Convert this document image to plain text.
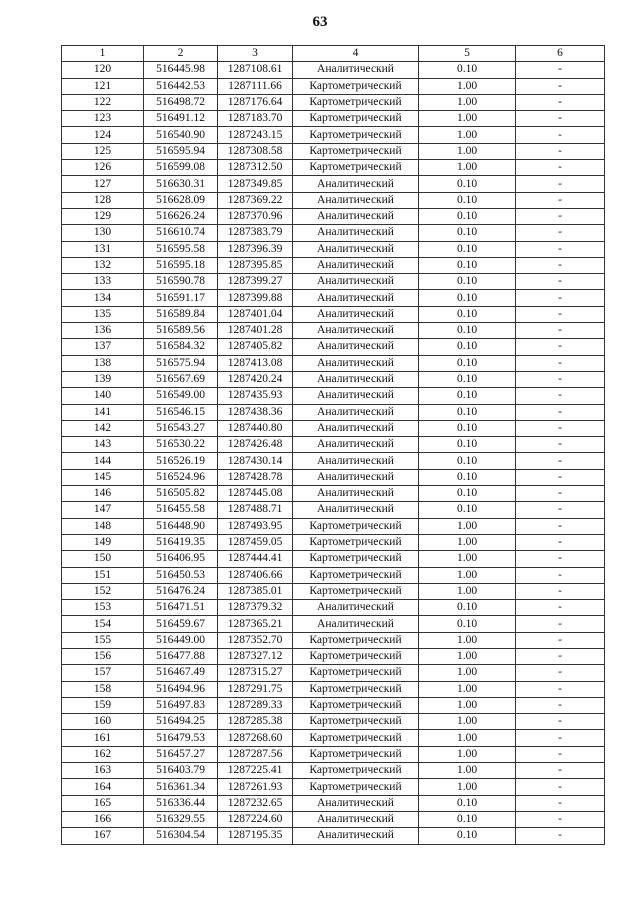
63
1	2	3	4	5	6
120	516445.98	1287108.61	Аналитический	0.10	-
121	516442.53	1287111.66	Картометрический	1.00	-
122	516498.72	1287176.64	Картометрический	1.00	-
123	516491.12	1287183.70	Картометрический	1.00	-
124	516540.90	1287243.15	Картометрический	1.00	-
125	516595.94	1287308.58	Картометрический	1.00	-
126	516599.08	1287312.50	Картометрический	1.00	-
127	516630.31	1287349.85	Аналитический	0.10	-
128	516628.09	1287369.22	Аналитический	0.10	-
129	516626.24	1287370.96	Аналитический	0.10	-
130	516610.74	1287383.79	Аналитический	0.10	-
131	516595.58	1287396.39	Аналитический	0.10	-
132	516595.18	1287395.85	Аналитический	0.10	-
133	516590.78	1287399.27	Аналитический	0.10	-
134	516591.17	1287399.88	Аналитический	0.10	-
135	516589.84	1287401.04	Аналитический	0.10	-
136	516589.56	1287401.28	Аналитический	0.10	-
137	516584.32	1287405.82	Аналитический	0.10	-
138	516575.94	1287413.08	Аналитический	0.10	-
139	516567.69	1287420.24	Аналитический	0.10	-
140	516549.00	1287435.93	Аналитический	0.10	-
141	516546.15	1287438.36	Аналитический	0.10	-
142	516543.27	1287440.80	Аналитический	0.10	-
143	516530.22	1287426.48	Аналитический	0.10	-
144	516526.19	1287430.14	Аналитический	0.10	-
145	516524.96	1287428.78	Аналитический	0.10	-
146	516505.82	1287445.08	Аналитический	0.10	-
147	516455.58	1287488.71	Аналитический	0.10	-
148	516448.90	1287493.95	Картометрический	1.00	-
149	516419.35	1287459.05	Картометрический	1.00	-
150	516406.95	1287444.41	Картометрический	1.00	-
151	516450.53	1287406.66	Картометрический	1.00	-
152	516476.24	1287385.01	Картометрический	1.00	-
153	516471.51	1287379.32	Аналитический	0.10	-
154	516459.67	1287365.21	Аналитический	0.10	-
155	516449.00	1287352.70	Картометрический	1.00	-
156	516477.88	1287327.12	Картометрический	1.00	-
157	516467.49	1287315.27	Картометрический	1.00	-
158	516494.96	1287291.75	Картометрический	1.00	-
159	516497.83	1287289.33	Картометрический	1.00	-
160	516494.25	1287285.38	Картометрический	1.00	-
161	516479.53	1287268.60	Картометрический	1.00	-
162	516457.27	1287287.56	Картометрический	1.00	-
163	516403.79	1287225.41	Картометрический	1.00	-
164	516361.34	1287261.93	Картометрический	1.00	-
165	516336.44	1287232.65	Аналитический	0.10	-
166	516329.55	1287224.60	Аналитический	0.10	-
167	516304.54	1287195.35	Аналитический	0.10	-
